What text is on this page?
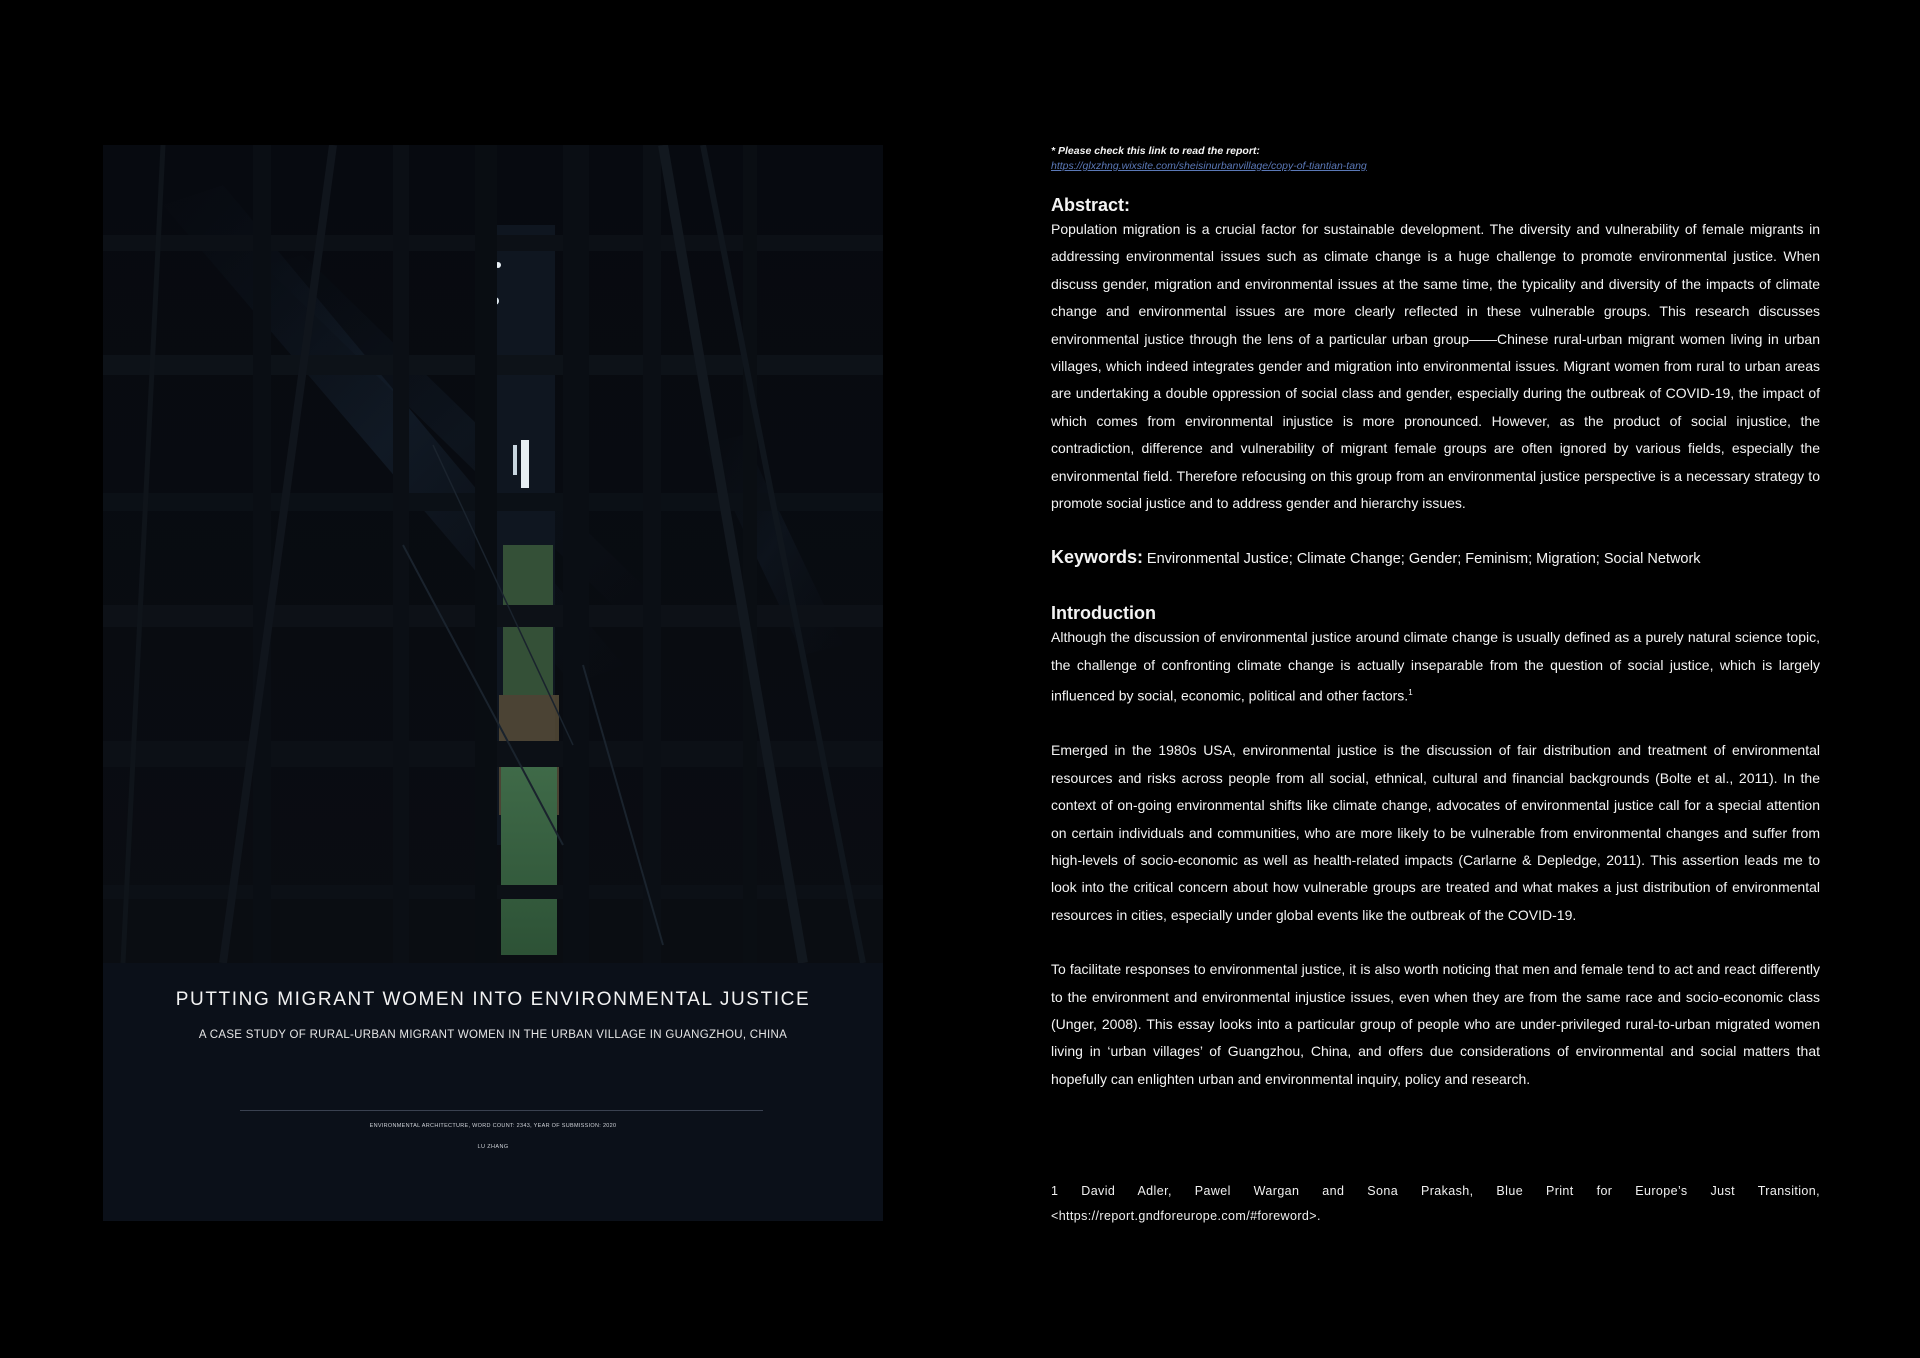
PUTTING MIGRANT WOMEN INTO ENVIRONMENTAL JUSTICE

A CASE STUDY OF RURAL-URBAN MIGRANT WOMEN IN THE URBAN VILLAGE IN GUANGZHOU, CHINA

ENVIRONMENTAL ARCHITECTURE, WORD COUNT: 2343, YEAR OF SUBMISSION: 2020
LU ZHANG

* Please check this link to read the report:

https://glxzhng.wixsite.com/sheisinurbanvillage/copy-of-tiantian-tang
Abstract:

Population migration is a crucial factor for sustainable development. The diversity and vulnerability of female migrants in addressing environmental issues such as climate change is a huge challenge to promote environmental justice. When discuss gender, migration and environmental issues at the same time, the typicality and diversity of the impacts of climate change and environmental issues are more clearly reflected in these vulnerable groups. This research discusses environmental justice through the lens of a particular urban group——Chinese rural-urban migrant women living in urban villages, which indeed integrates gender and migration into environmental issues. Migrant women from rural to urban areas are undertaking a double oppression of social class and gender, especially during the outbreak of COVID-19, the impact of which comes from environmental injustice is more pronounced. However, as the product of social injustice, the contradiction, difference and vulnerability of migrant female groups are often ignored by various fields, especially the environmental field. Therefore refocusing on this group from an environmental justice perspective is a necessary strategy to promote social justice and to address gender and hierarchy issues.

Keywords: Environmental Justice; Climate Change; Gender; Feminism; Migration; Social Network

Introduction

Although the discussion of environmental justice around climate change is usually defined as a purely natural science topic, the challenge of confronting climate change is actually inseparable from the question of social justice, which is largely influenced by social, economic, political and other factors.$^1$

Emerged in the 1980s USA, environmental justice is the discussion of fair distribution and treatment of environmental resources and risks across people from all social, ethnical, cultural and financial backgrounds (Bolte et al., 2011). In the context of on-going environmental shifts like climate change, advocates of environmental justice call for a special attention on certain individuals and communities, who are more likely to be vulnerable from environmental changes and suffer from high-levels of socio-economic as well as health-related impacts (Carlarne & Depledge, 2011). This assertion leads me to look into the critical concern about how vulnerable groups are treated and what makes a just distribution of environmental resources in cities, especially under global events like the outbreak of the COVID-19.

To facilitate responses to environmental justice, it is also worth noticing that men and female tend to act and react differently to the environment and environmental injustice issues, even when they are from the same race and socio-economic class (Unger, 2008). This essay looks into a particular group of people who are under-privileged rural-to-urban migrated women living in ‘urban villages’ of Guangzhou, China, and offers due considerations of environmental and social matters that hopefully can enlighten urban and environmental inquiry, policy and research.

1 David Adler, Pawel Wargan and Sona Prakash, Blue Print for Europe’s Just Transition, <https://report.gndforeurope.com/#foreword>.
